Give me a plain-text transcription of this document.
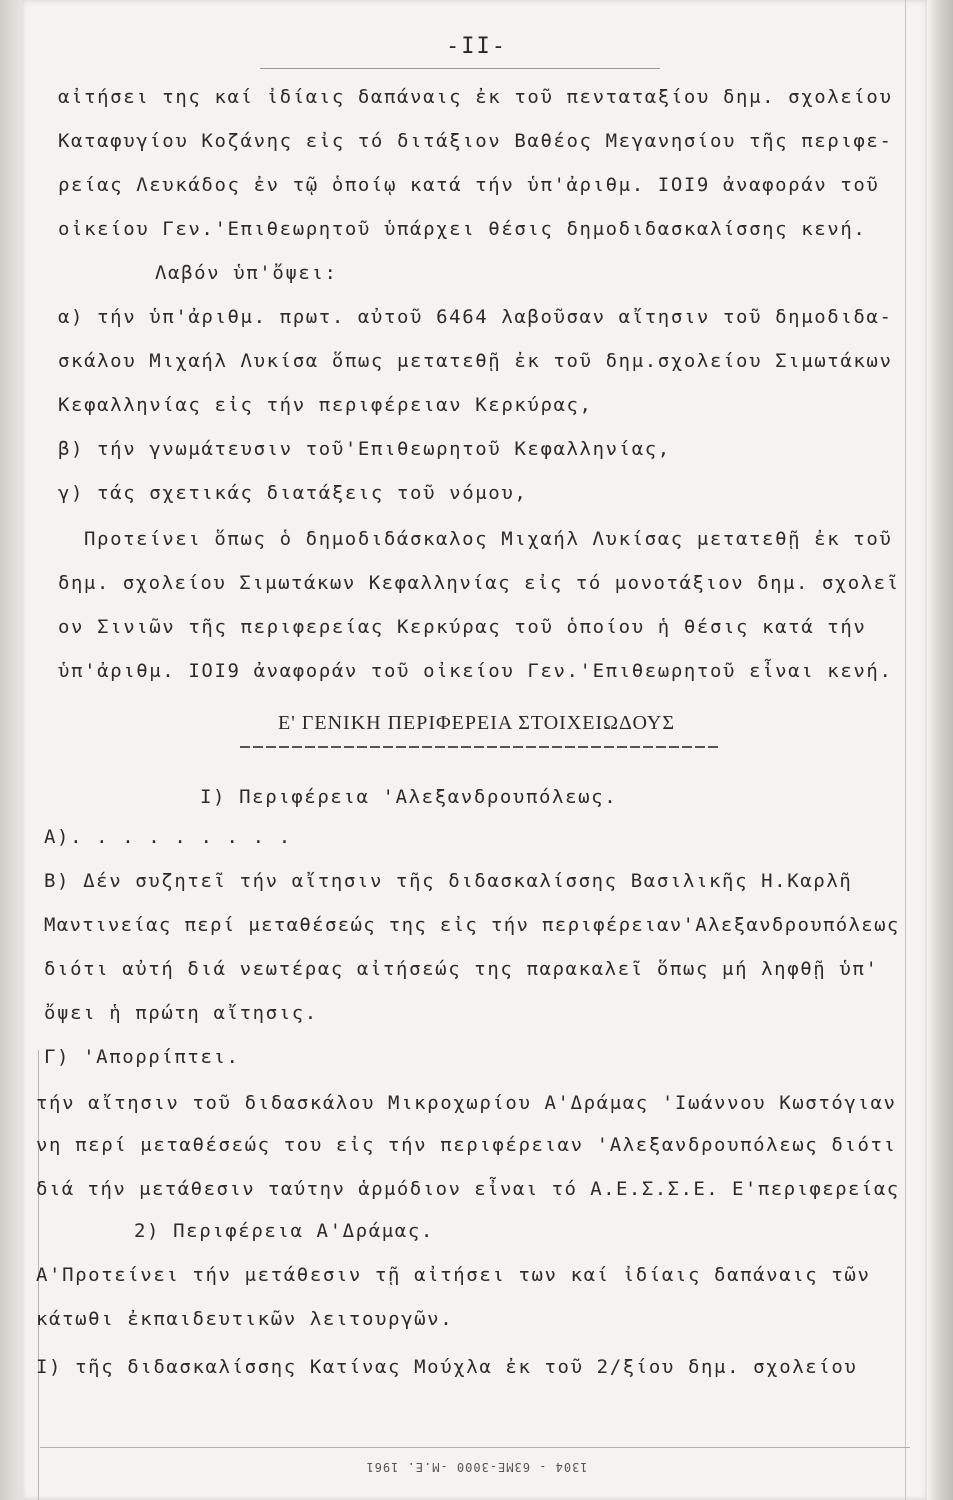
-II-
αἰτήσει της καί ἰδίαις δαπάναις ἐκ τοῦ πενταταξίου δημ. σχολείου
Καταφυγίου Κοζάνης εἰς τό διτάξιον Βαθέος Μεγανησίου τῆς περιφε-
ρείας Λευκάδος ἐν τῷ ὁποίῳ κατά τήν ὑπ'ἀριθμ. ΙΟΙ9 ἀναφοράν τοῦ
οἰκείου Γεν.'Επιθεωρητοῦ ὑπάρχει θέσις δημοδιδασκαλίσσης κενή.
Λαβόν ὑπ'ὄψει:
α) τήν ὑπ'ἀριθμ. πρωτ. αὐτοῦ 6464 λαβοῦσαν αἴτησιν τοῦ δημοδιδα-
σκάλου Μιχαήλ Λυκίσα ὅπως μετατεθῇ ἐκ τοῦ δημ.σχολείου Σιμωτάκων
Κεφαλληνίας εἰς τήν περιφέρειαν Κερκύρας,
β) τήν γνωμάτευσιν τοῦ'Επιθεωρητοῦ Κεφαλληνίας,
γ) τάς σχετικάς διατάξεις τοῦ νόμου,
Προτείνει ὅπως ὁ δημοδιδάσκαλος Μιχαήλ Λυκίσας μετατεθῇ ἐκ τοῦ
δημ. σχολείου Σιμωτάκων Κεφαλληνίας εἰς τό μονοτάξιον δημ. σχολεῖ
ον Σινιῶν τῆς περιφερείας Κερκύρας τοῦ ὁποίου ἡ θέσις κατά τήν
ὑπ'ἀριθμ. ΙΟΙ9 ἀναφοράν τοῦ οἰκείου Γεν.'Επιθεωρητοῦ εἶναι κενή.
Ε' ΓΕΝΙΚΗ ΠΕΡΙΦΕΡΕΙΑ ΣΤΟΙΧΕΙΩΔΟΥΣ
Ι) Περιφέρεια 'Αλεξανδρουπόλεως.
Α). . . . . . . . .
Β) Δέν συζητεῖ τήν αἴτησιν τῆς διδασκαλίσσης Βασιλικῆς Η.Καρλῆ
Μαντινείας περί μεταθέσεώς της εἰς τήν περιφέρειαν'Αλεξανδρουπόλεως
διότι αὐτή διά νεωτέρας αἰτήσεώς της παρακαλεῖ ὅπως μή ληφθῇ ὑπ'
ὄψει ἡ πρώτη αἴτησις.
Γ) 'Απορρίπτει.
τήν αἴτησιν τοῦ διδασκάλου Μικροχωρίου Α'Δράμας 'Ιωάννου Κωστόγιαν
νη περί μεταθέσεώς του εἰς τήν περιφέρειαν 'Αλεξανδρουπόλεως διότι
διά τήν μετάθεσιν ταύτην ἁρμόδιον εἶναι τό Α.Ε.Σ.Σ.Ε. Ε'περιφερείας
2) Περιφέρεια Α'Δράμας.
Α'Προτείνει τήν μετάθεσιν τῇ αἰτήσει των καί ἰδίαις δαπάναις τῶν
κάτωθι ἐκπαιδευτικῶν λειτουργῶν.
Ι) τῆς διδασκαλίσσης Κατίνας Μούχλα ἐκ τοῦ 2/ξίου δημ. σχολείου
1304 - 63ΜΕ-3000 -Μ.Ε. 1961
